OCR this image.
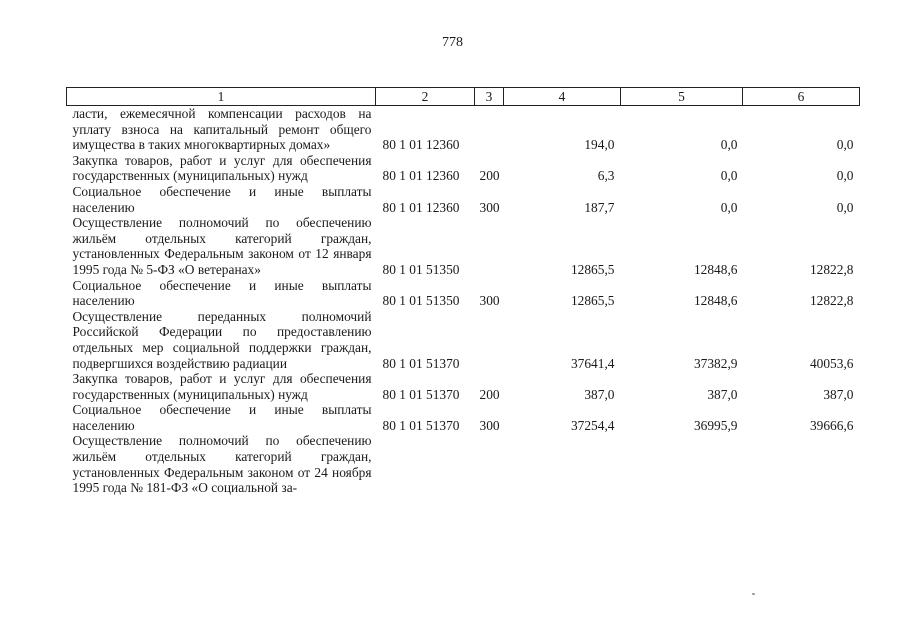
778
1	2	3	4	5	6
ласти, ежемесячной компенсации расходов на уплату взноса на капитальный ремонт общего имущества в таких многоквартирных домах»	80 1 01 12360		194,0	0,0	0,0
Закупка товаров, работ и услуг для обеспечения государственных (муниципальных) нужд	80 1 01 12360	200	6,3	0,0	0,0
Социальное обеспечение и иные выплаты населению	80 1 01 12360	300	187,7	0,0	0,0
Осуществление полномочий по обеспечению жильём отдельных категорий граждан, установленных Федеральным законом от 12 января 1995 года № 5-ФЗ «О ветеранах»	80 1 01 51350		12865,5	12848,6	12822,8
Социальное обеспечение и иные выплаты населению	80 1 01 51350	300	12865,5	12848,6	12822,8
Осуществление переданных полномочий Российской Федерации по предоставлению отдельных мер социальной поддержки граждан, подвергшихся воздействию радиации	80 1 01 51370		37641,4	37382,9	40053,6
Закупка товаров, работ и услуг для обеспечения государственных (муниципальных) нужд	80 1 01 51370	200	387,0	387,0	387,0
Социальное обеспечение и иные выплаты населению	80 1 01 51370	300	37254,4	36995,9	39666,6
Осуществление полномочий по обеспечению жильём отдельных категорий граждан, установленных Федеральным законом от 24 ноября 1995 года № 181-ФЗ «О социальной за-					
